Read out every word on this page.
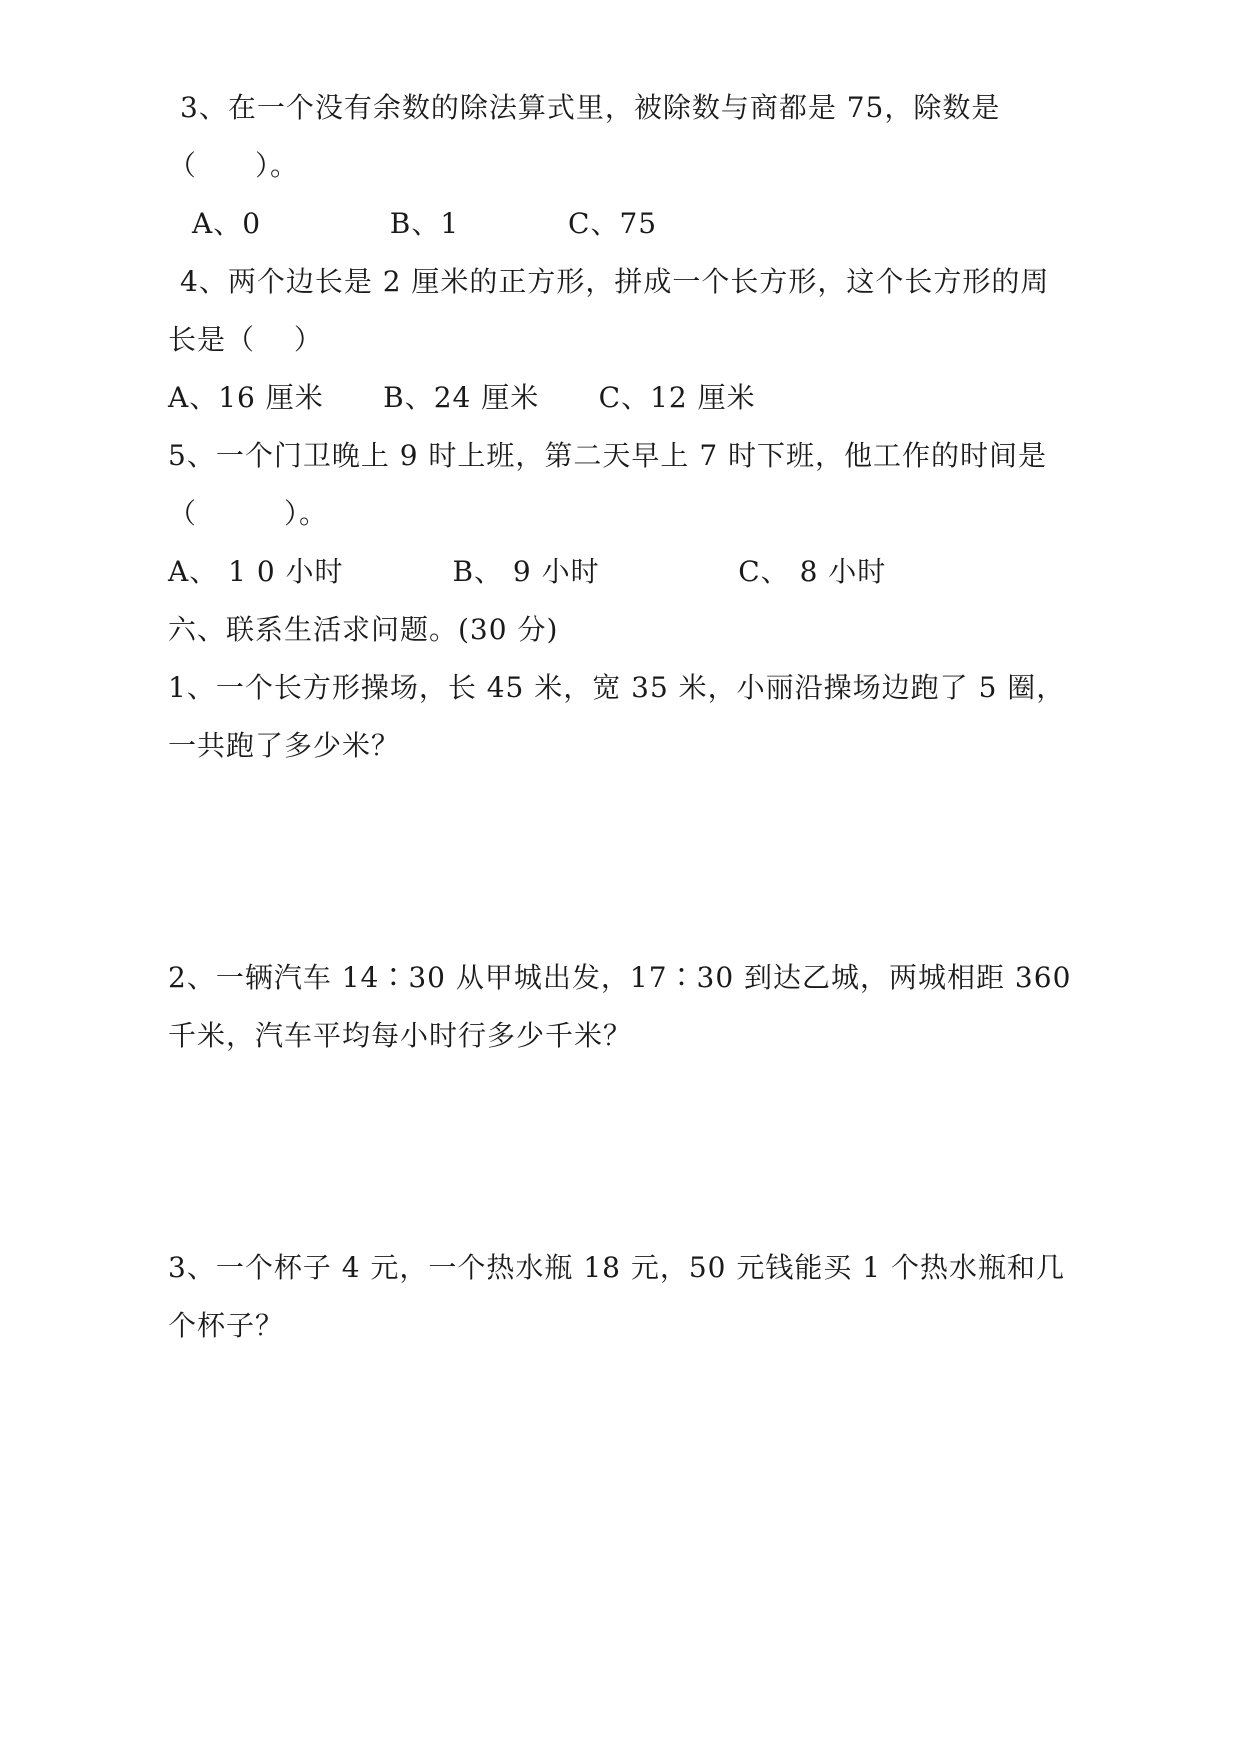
3、在一个没有余数的除法算式里，被除数与商都是 75，除数是
（　　）。
A、0             B、1           C、75
4、两个边长是 2 厘米的正方形，拼成一个长方形，这个长方形的周
长是（　 ）
A、16 厘米      B、24 厘米      C、12 厘米
5、一个门卫晚上 9 时上班，第二天早上 7 时下班，他工作的时间是
（　　　）。
A、 1 0 小时           B、 9 小时              C、 8 小时
六、联系生活求问题。(30 分)
1、一个长方形操场，长 45 米，宽 35 米，小丽沿操场边跑了 5 圈，
一共跑了多少米？
2、一辆汽车 14∶30 从甲城出发，17∶30 到达乙城，两城相距 360
千米，汽车平均每小时行多少千米？
3、一个杯子 4 元，一个热水瓶 18 元，50 元钱能买 1 个热水瓶和几
个杯子？
